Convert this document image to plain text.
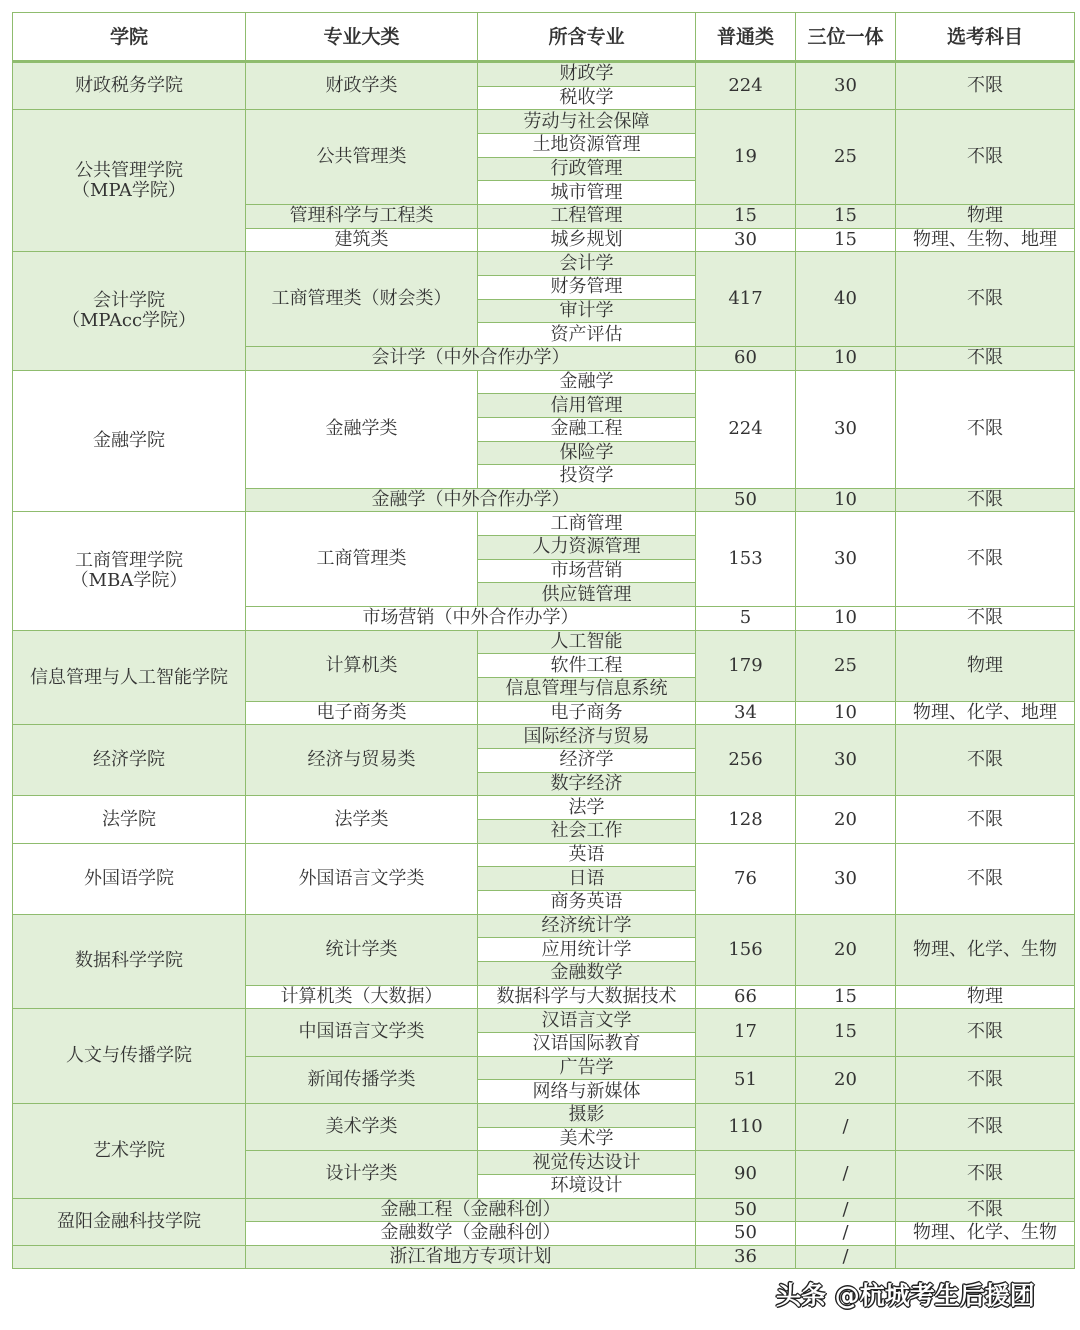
学院	专业大类	所含专业	普通类	三位一体	选考科目
财政税务学院	财政学类	财政学	224	30	不限
		税收学			
公共管理学院
（MPA学院）	公共管理类	劳动与社会保障	19	25	不限
		土地资源管理			
		行政管理			
		城市管理			
	管理科学与工程类	工程管理	15	15	物理
	建筑类	城乡规划	30	15	物理、生物、地理
会计学院
（MPAcc学院）	工商管理类（财会类）	会计学	417	40	不限
		财务管理			
		审计学			
		资产评估			
	会计学（中外合作办学）		60	10	不限
金融学院	金融学类	金融学	224	30	不限
		信用管理			
		金融工程			
		保险学			
		投资学			
	金融学（中外合作办学）		50	10	不限
工商管理学院
（MBA学院）	工商管理类	工商管理	153	30	不限
		人力资源管理			
		市场营销			
		供应链管理			
	市场营销（中外合作办学）		5	10	不限
信息管理与人工智能学院	计算机类	人工智能	179	25	物理
		软件工程			
		信息管理与信息系统			
	电子商务类	电子商务	34	10	物理、化学、地理
经济学院	经济与贸易类	国际经济与贸易	256	30	不限
		经济学			
		数字经济			
法学院	法学类	法学	128	20	不限
		社会工作			
外国语学院	外国语言文学类	英语	76	30	不限
		日语			
		商务英语			
数据科学学院	统计学类	经济统计学	156	20	物理、化学、生物
		应用统计学			
		金融数学			
	计算机类（大数据）	数据科学与大数据技术	66	15	物理
人文与传播学院	中国语言文学类	汉语言文学	17	15	不限
		汉语国际教育			
	新闻传播学类	广告学	51	20	不限
		网络与新媒体			
艺术学院	美术学类	摄影	110	/	不限
		美术学			
	设计学类	视觉传达设计	90	/	不限
		环境设计			
盈阳金融科技学院	金融工程（金融科创）		50	/	不限
	金融数学（金融科创）		50	/	物理、化学、生物
	浙江省地方专项计划		36	/	
头条 @杭城考生后援团
